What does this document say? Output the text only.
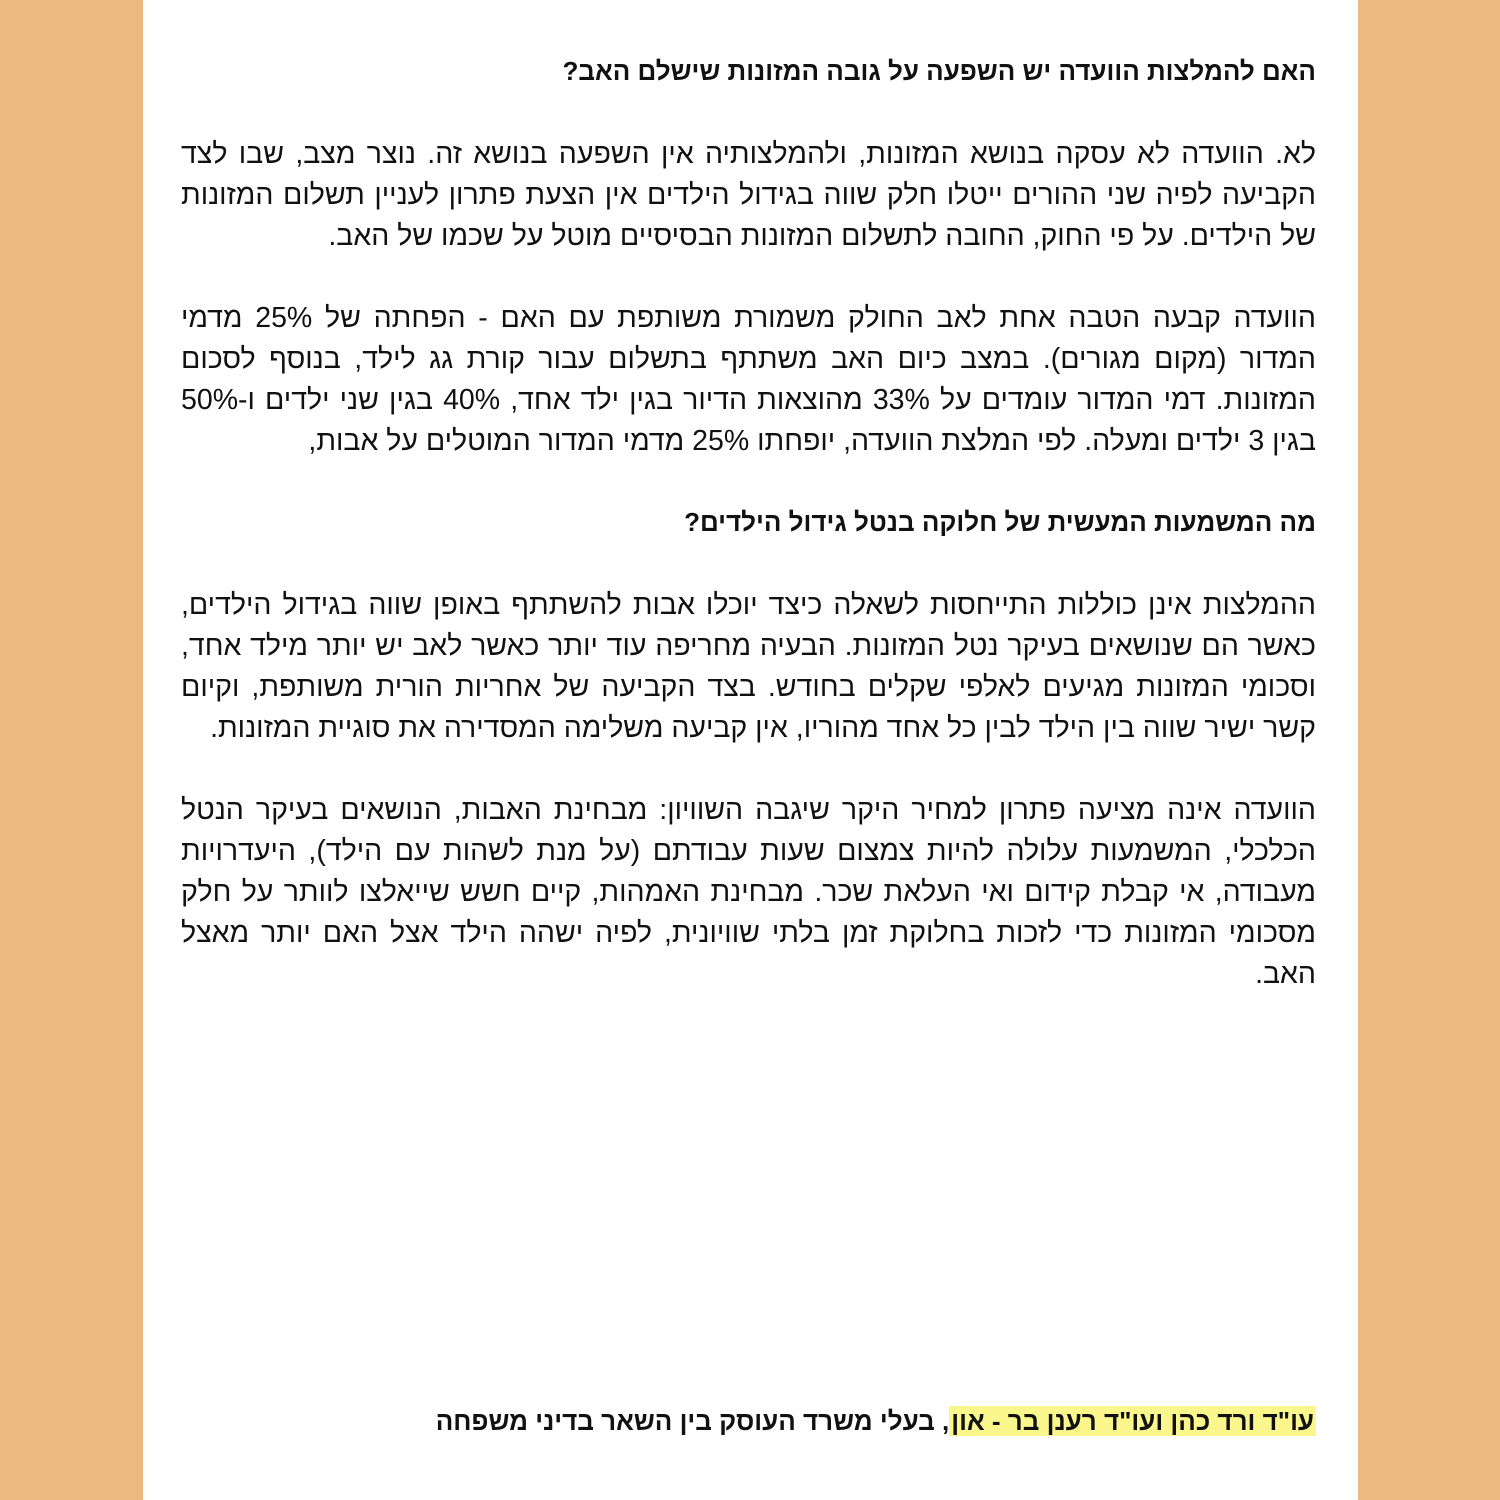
האם להמלצות הוועדה יש השפעה על גובה המזונות שישלם האב?

לא. הוועדה לא עסקה בנושא המזונות, ולהמלצותיה אין השפעה בנושא זה. נוצר מצב, שבו לצד הקביעה לפיה שני ההורים ייטלו חלק שווה בגידול הילדים אין הצעת פתרון לעניין תשלום המזונות של הילדים. על פי החוק, החובה לתשלום המזונות הבסיסיים מוטל על שכמו של האב.

הוועדה קבעה הטבה אחת לאב החולק משמורת משותפת עם האם - הפחתה של 25% מדמי המדור (מקום מגורים). במצב כיום האב משתתף בתשלום עבור קורת גג לילד, בנוסף לסכום המזונות. דמי המדור עומדים על 33% מהוצאות הדיור בגין ילד אחד, 40% בגין שני ילדים ו-50% בגין 3 ילדים ומעלה. לפי המלצת הוועדה, יופחתו 25% מדמי המדור המוטלים על אבות,

מה המשמעות המעשית של חלוקה בנטל גידול הילדים?

ההמלצות אינן כוללות התייחסות לשאלה כיצד יוכלו אבות להשתתף באופן שווה בגידול הילדים, כאשר הם שנושאים בעיקר נטל המזונות. הבעיה מחריפה עוד יותר כאשר לאב יש יותר מילד אחד, וסכומי המזונות מגיעים לאלפי שקלים בחודש. בצד הקביעה של אחריות הורית משותפת, וקיום קשר ישיר שווה בין הילד לבין כל אחד מהוריו, אין קביעה משלימה המסדירה את סוגיית המזונות.

הוועדה אינה מציעה פתרון למחיר היקר שיגבה השוויון: מבחינת האבות, הנושאים בעיקר הנטל הכלכלי, המשמעות עלולה להיות צמצום שעות עבודתם (על מנת לשהות עם הילד), היעדרויות מעבודה, אי קבלת קידום ואי העלאת שכר. מבחינת האמהות, קיים חשש שייאלצו לוותר על חלק מסכומי המזונות כדי לזכות בחלוקת זמן בלתי שוויונית, לפיה ישהה הילד אצל האם יותר מאצל האב.

עו"ד ורד כהן ועו"ד רענן בר - און, בעלי משרד העוסק בין השאר בדיני משפחה
